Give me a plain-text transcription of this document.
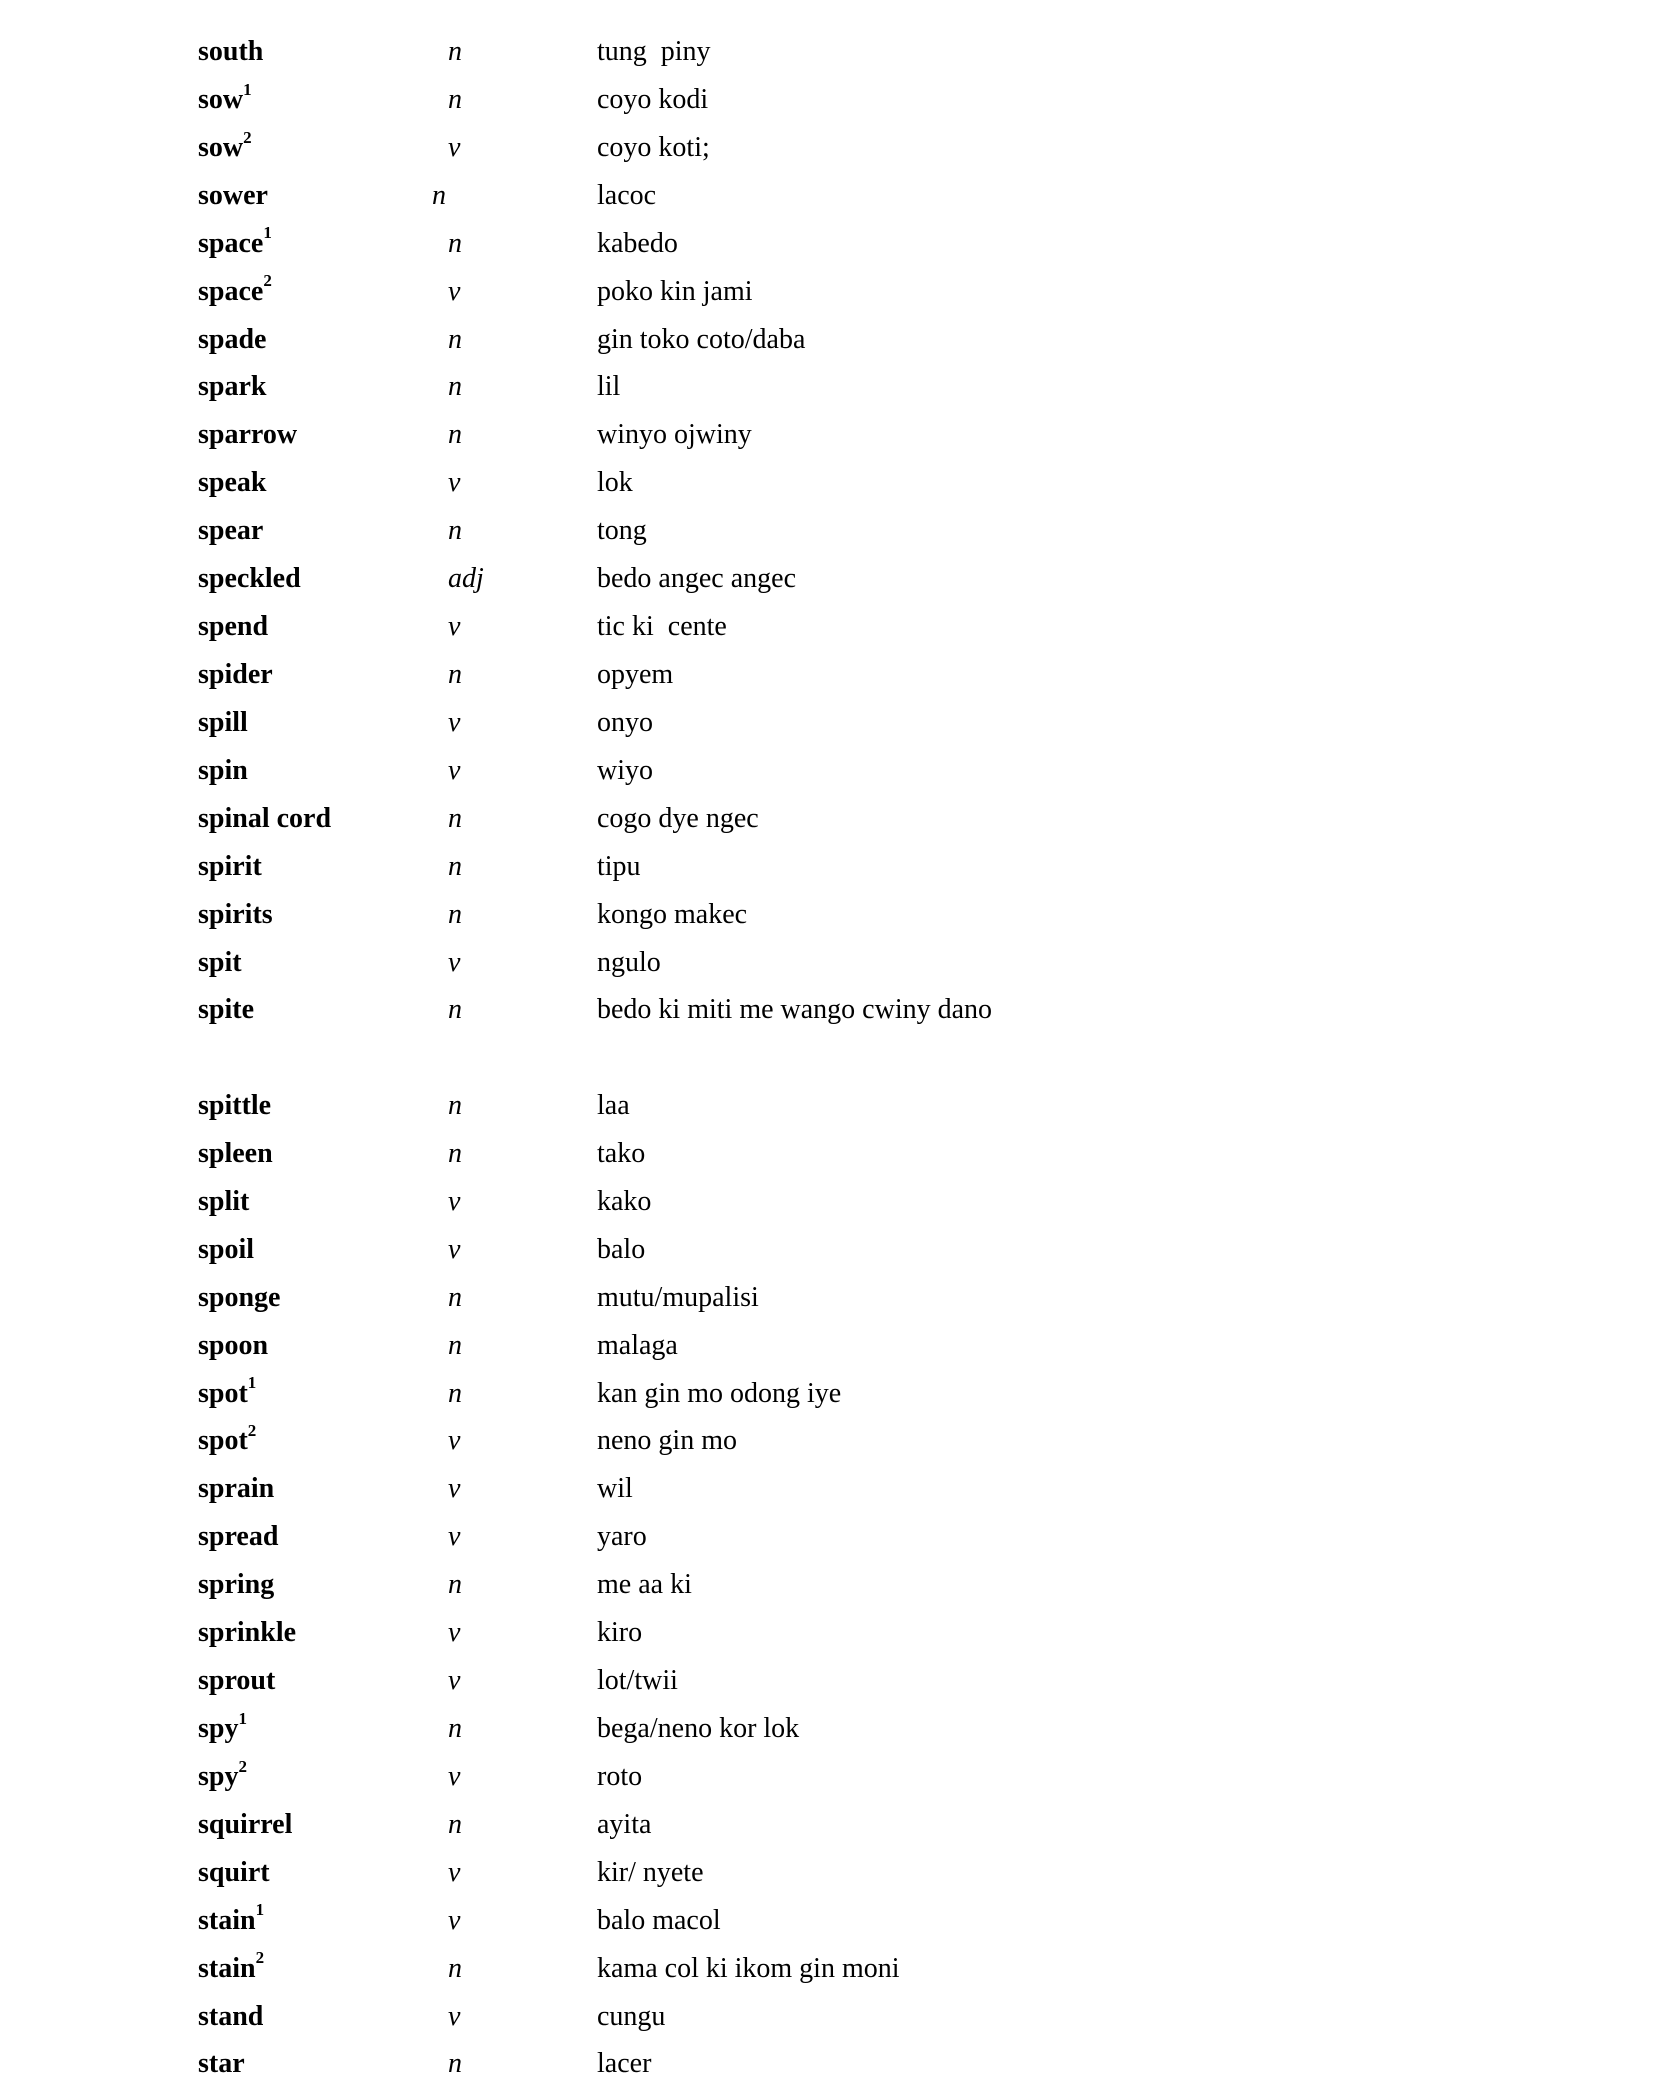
south	n	tung  piny
sow$^1$	n	coyo kodi
sow$^2$	v	coyo koti;
sower	n	lacoc
space$^1$	n	kabedo
space$^2$	v	poko kin jami
spade	n	gin toko coto/daba
spark	n	lil
sparrow	n	winyo ojwiny
speak	v	lok
spear	n	tong
speckled	adj	bedo angec angec
spend	v	tic ki  cente
spider	n	opyem
spill	v	onyo
spin	v	wiyo
spinal cord	n	cogo dye ngec
spirit	n	tipu
spirits	n	kongo makec
spit	v	ngulo
spite	n	bedo ki miti me wango cwiny dano
spittle	n	laa
spleen	n	tako
split	v	kako
spoil	v	balo
sponge	n	mutu/mupalisi
spoon	n	malaga
spot$^1$	n	kan gin mo odong iye
spot$^2$	v	neno gin mo
sprain	v	wil
spread	v	yaro
spring	n	me aa ki
sprinkle	v	kiro
sprout	v	lot/twii
spy$^1$	n	bega/neno kor lok
spy$^2$	v	roto
squirrel	n	ayita
squirt	v	kir/ nyete
stain$^1$	v	balo macol
stain$^2$	n	kama col ki ikom gin moni
stand	v	cungu
star	n	lacer
